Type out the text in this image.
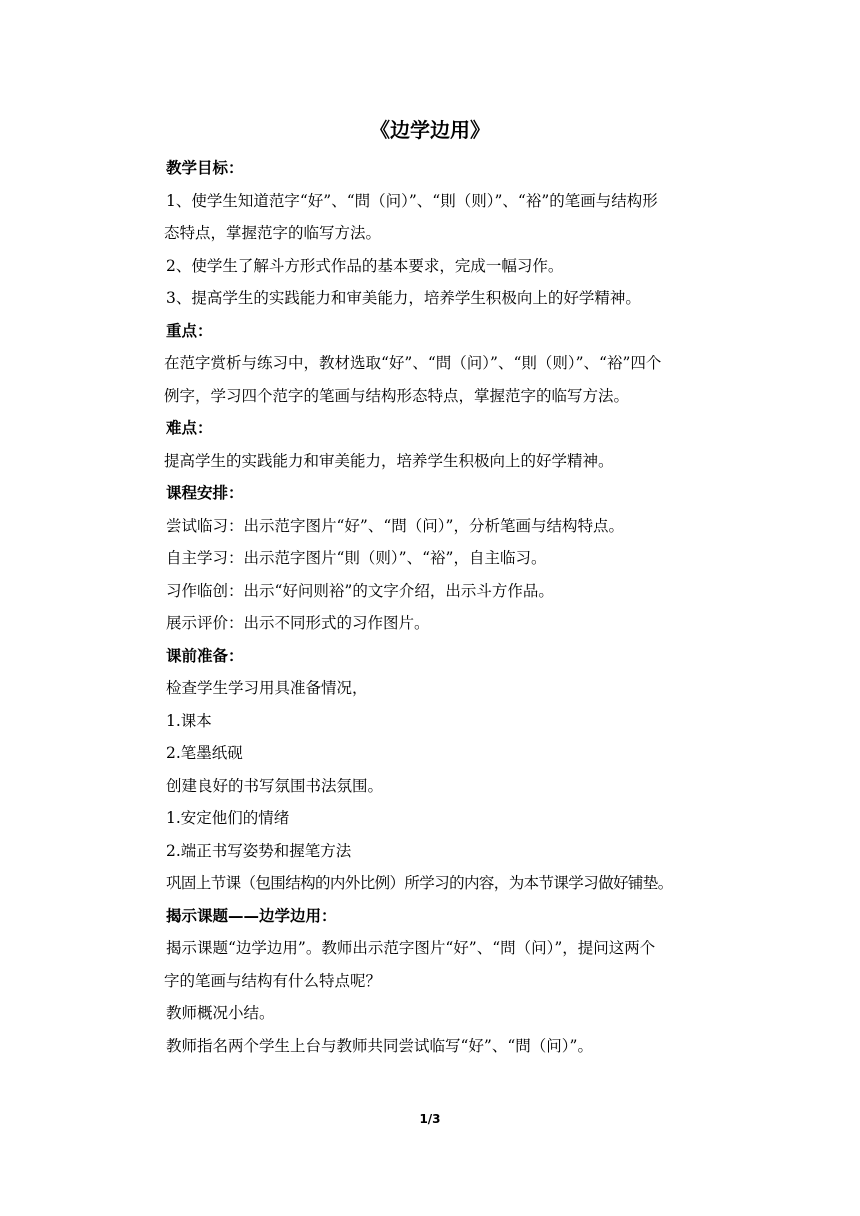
《边学边用》
教学目标：
1、使学生知道范字“好”、“問（问）”、“則（则）”、“裕”的笔画与结构形
态特点，掌握范字的临写方法。
2、使学生了解斗方形式作品的基本要求，完成一幅习作。
3、提高学生的实践能力和审美能力，培养学生积极向上的好学精神。
重点：
在范字赏析与练习中，教材选取“好”、“問（问）”、“則（则）”、“裕”四个
例字，学习四个范字的笔画与结构形态特点，掌握范字的临写方法。
难点：
提高学生的实践能力和审美能力，培养学生积极向上的好学精神。
课程安排：
尝试临习：出示范字图片“好”、“問（问）”，分析笔画与结构特点。
自主学习：出示范字图片“則（则）”、“裕”，自主临习。
习作临创：出示“好问则裕”的文字介绍，出示斗方作品。
展示评价：出示不同形式的习作图片。
课前准备：
检查学生学习用具准备情况，
1.课本
2.笔墨纸砚
创建良好的书写氛围书法氛围。
1.安定他们的情绪
2.端正书写姿势和握笔方法
巩固上节课（包围结构的内外比例）所学习的内容，为本节课学习做好铺垫。
揭示课题——边学边用：
揭示课题“边学边用”。教师出示范字图片“好”、“問（问）”，提问这两个
字的笔画与结构有什么特点呢？
教师概况小结。
教师指名两个学生上台与教师共同尝试临写“好”、“問（问）”。
1/3
